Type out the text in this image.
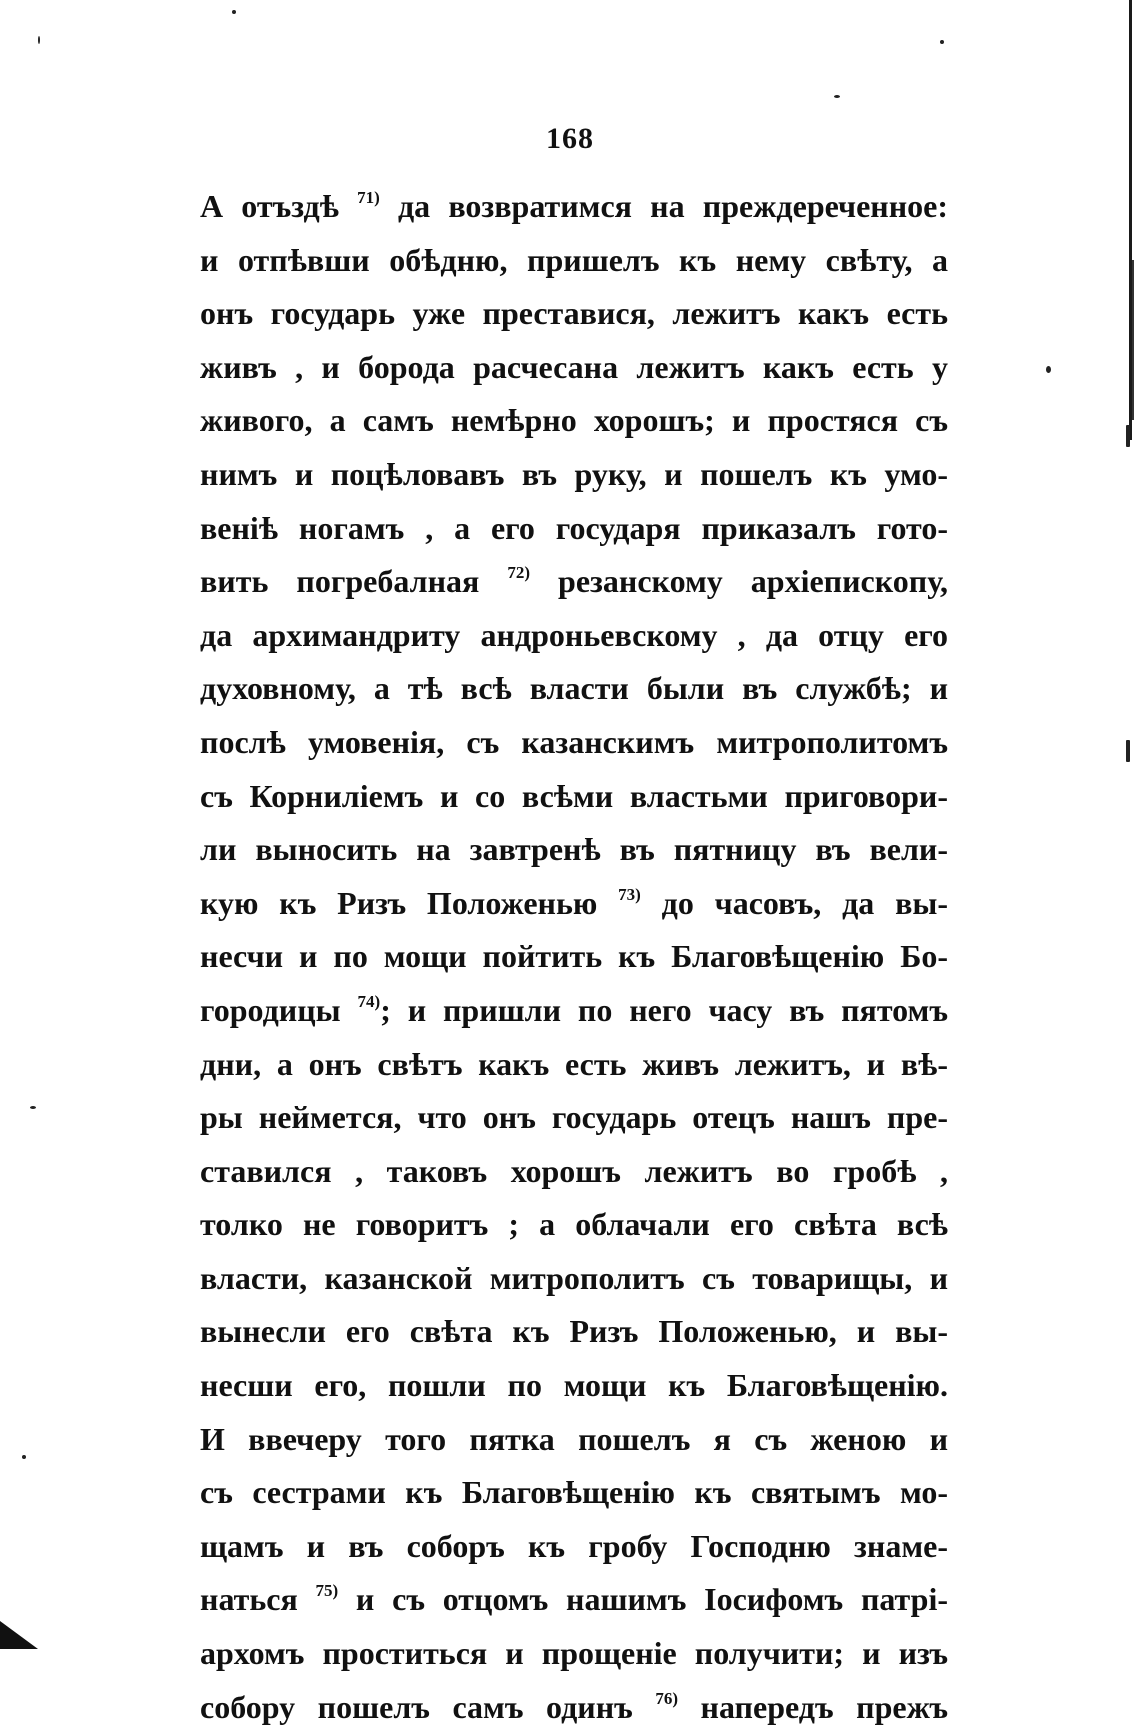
168
А отъздѣ $^{71)}$ да возвратимся на преждереченное:
и отпѣвши обѣдню, пришелъ къ нему свѣту, а
онъ государь уже преставися, лежитъ какъ есть
живъ , и борода расчесана лежитъ какъ есть у
живого, а самъ немѣрно хорошъ; и простяся съ
нимъ и поцѣловавъ въ руку, и пошелъ къ умо-
венiѣ ногамъ , а его государя приказалъ гото-
вить погребалная $^{72)}$ резанскому архiепископу,
да архимандриту андроньевскому , да отцу его
духовному, а тѣ всѣ власти были въ службѣ; и
послѣ умовенiя, съ казанскимъ митрополитомъ
съ Корнилiемъ и со всѣми властьми приговори-
ли выносить на завтренѣ въ пятницу въ вели-
кую къ Ризъ Положенью $^{73)}$ до часовъ, да вы-
несчи и по мощи пойтить къ Благовѣщенiю Бо-
городицы $^{74)}$; и пришли по него часу въ пятомъ
дни, а онъ свѣтъ какъ есть живъ лежитъ, и вѣ-
ры неймется, что онъ государь отецъ нашъ пре-
ставился , таковъ хорошъ лежитъ во гробѣ ,
толко не говоритъ ; а облачали его свѣта всѣ
власти, казанской митрополитъ съ товарищы, и
вынесли его свѣта къ Ризъ Положенью, и вы-
несши его, пошли по мощи къ Благовѣщенiю.
И ввечеру того пятка пошелъ я съ женою и
съ сестрами къ Благовѣщенiю къ святымъ мо-
щамъ и въ соборъ къ гробу Господню знаме-
наться $^{75)}$ и съ отцомъ нашимъ Iосифомъ патрi-
архомъ проститься и прощенiе получити; и изъ
собору пошелъ самъ одинъ $^{76)}$ напередъ прежъ
